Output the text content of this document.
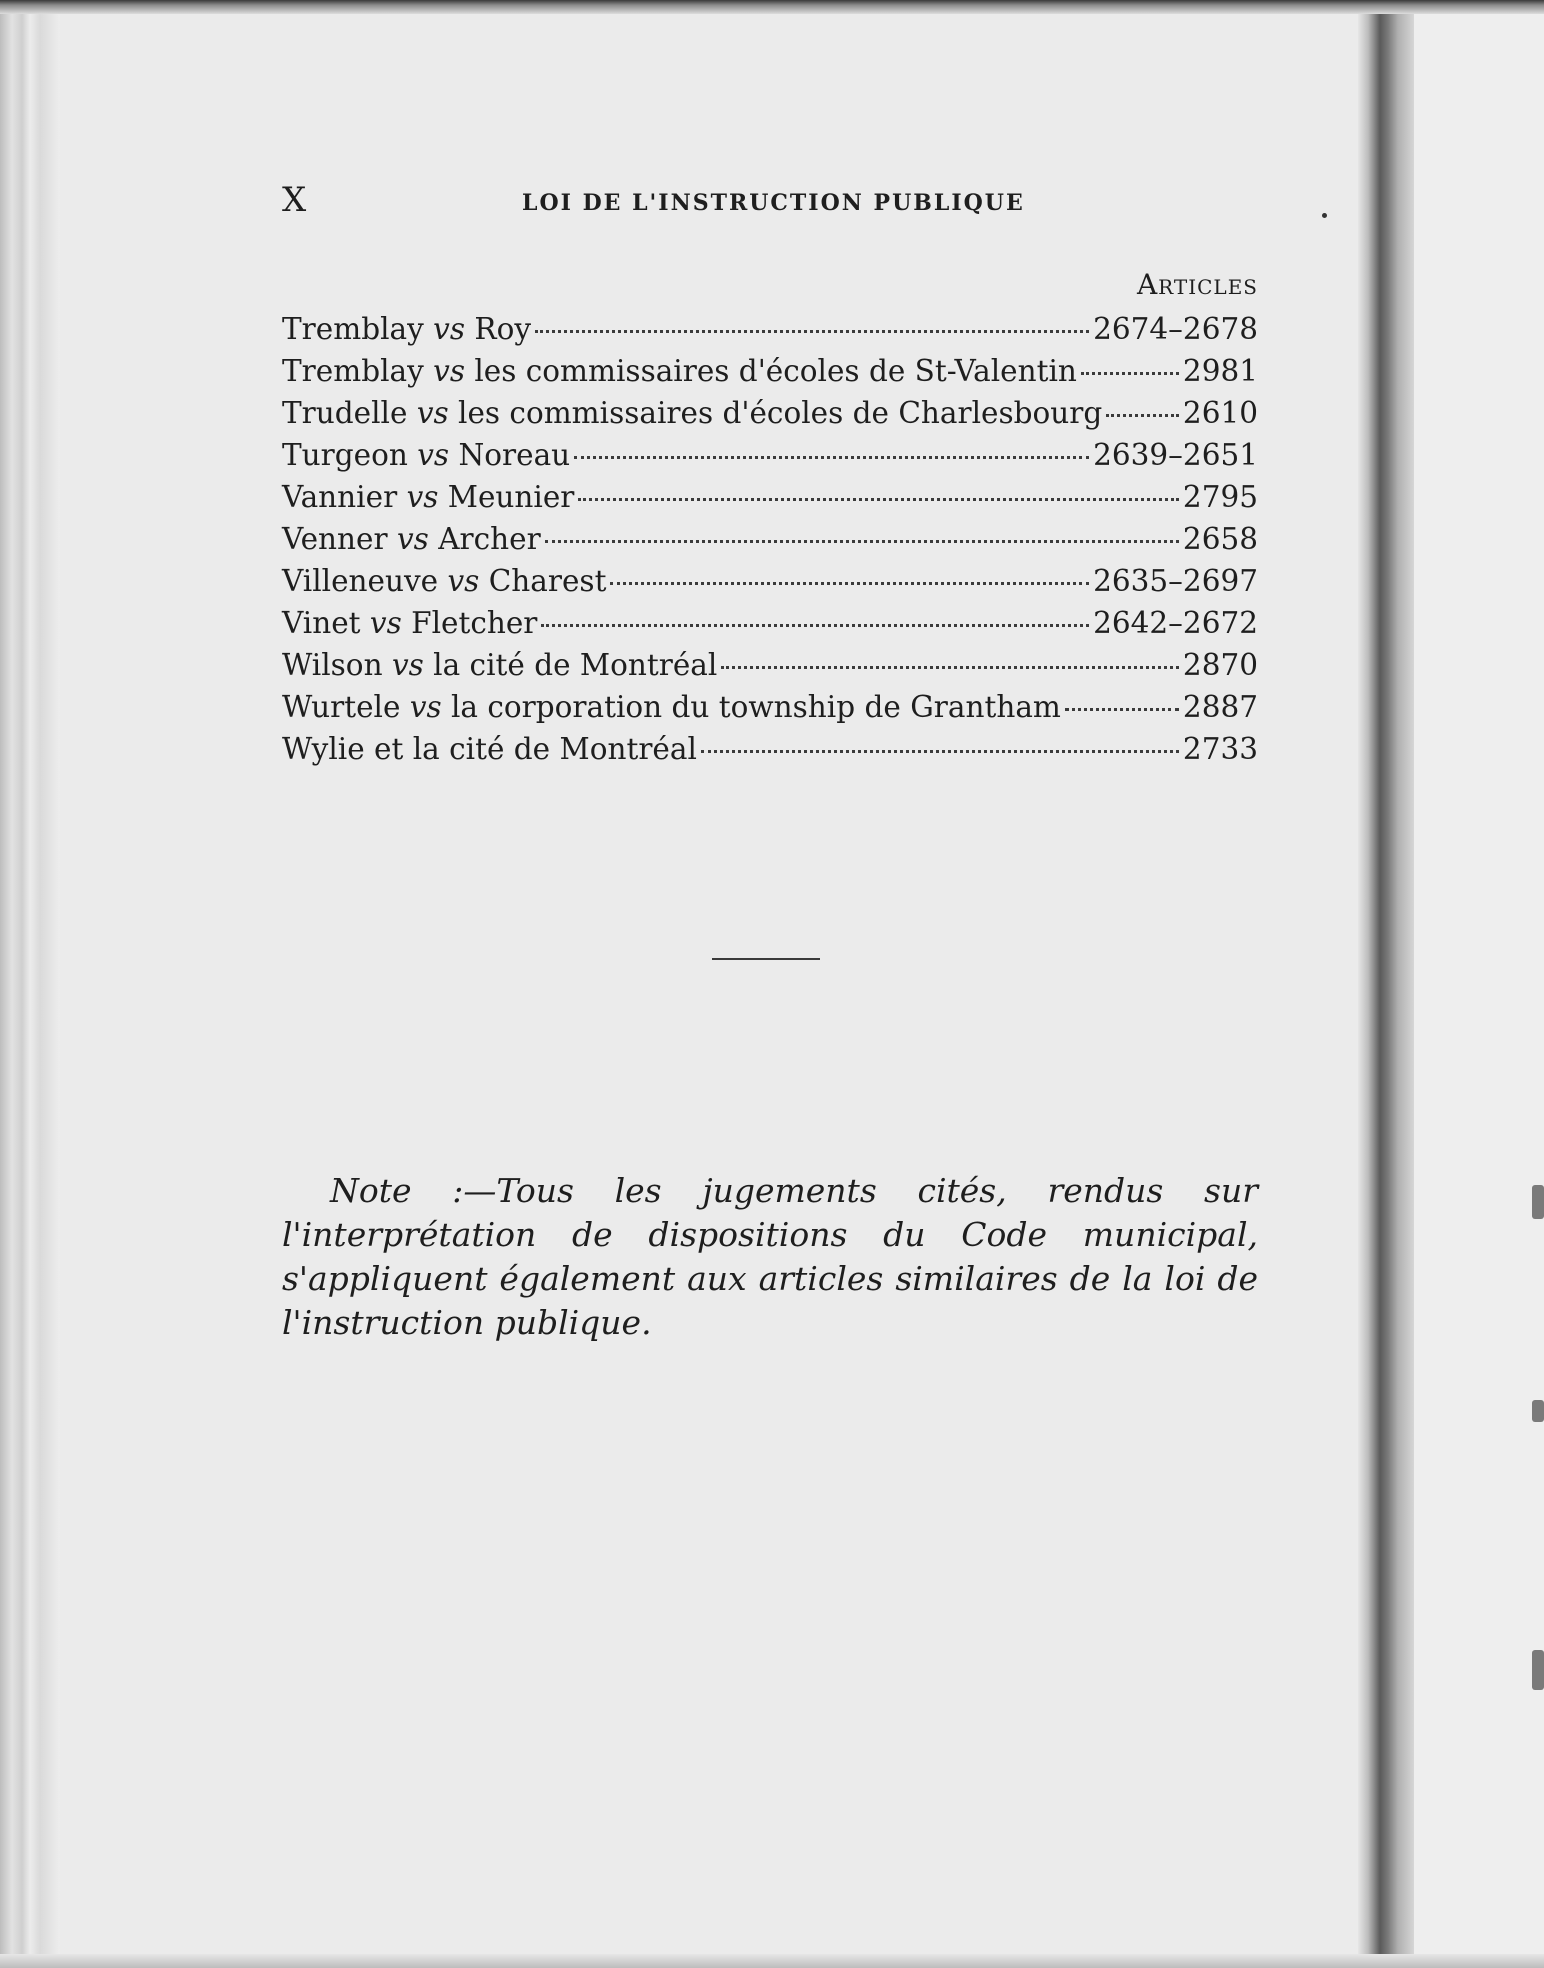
X	LOI DE L'INSTRUCTION PUBLIQUE
Articles
Tremblay vs Roy	2674–2678
Tremblay vs les commissaires d'écoles de St-Valentin	2981
Trudelle vs les commissaires d'écoles de Charlesbourg	2610
Turgeon vs Noreau	2639–2651
Vannier vs Meunier	2795
Venner vs Archer	2658
Villeneuve vs Charest	2635–2697
Vinet vs Fletcher	2642–2672
Wilson vs la cité de Montréal	2870
Wurtele vs la corporation du township de Grantham	2887
Wylie et la cité de Montréal	2733

Note :—Tous les jugements cités, rendus sur l'interprétation de dispositions du Code municipal, s'appliquent également aux articles similaires de la loi de l'instruction publique.
